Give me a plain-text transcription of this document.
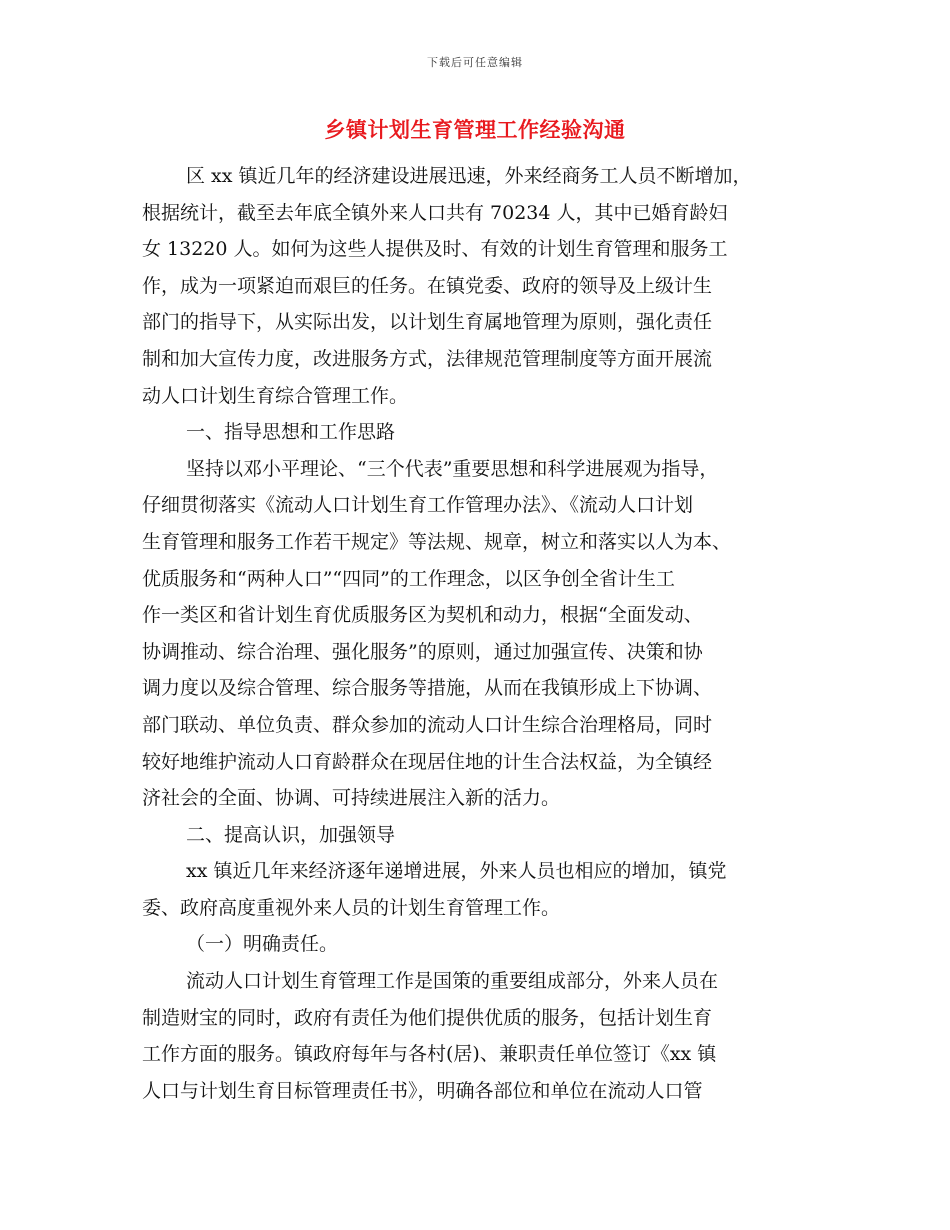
下载后可任意编辑
乡镇计划生育管理工作经验沟通
区 xx 镇近几年的经济建设进展迅速，外来经商务工人员不断增加，
根据统计，截至去年底全镇外来人口共有 70234 人，其中已婚育龄妇
女 13220 人。如何为这些人提供及时、有效的计划生育管理和服务工
作，成为一项紧迫而艰巨的任务。在镇党委、政府的领导及上级计生
部门的指导下，从实际出发，以计划生育属地管理为原则，强化责任
制和加大宣传力度，改进服务方式，法律规范管理制度等方面开展流
动人口计划生育综合管理工作。
一、指导思想和工作思路
坚持以邓小平理论、“三个代表”重要思想和科学进展观为指导，
仔细贯彻落实《流动人口计划生育工作管理办法》、《流动人口计划
生育管理和服务工作若干规定》等法规、规章，树立和落实以人为本、
优质服务和“两种人口”“四同”的工作理念，以区争创全省计生工
作一类区和省计划生育优质服务区为契机和动力，根据“全面发动、
协调推动、综合治理、强化服务”的原则，通过加强宣传、决策和协
调力度以及综合管理、综合服务等措施，从而在我镇形成上下协调、
部门联动、单位负责、群众参加的流动人口计生综合治理格局，同时
较好地维护流动人口育龄群众在现居住地的计生合法权益，为全镇经
济社会的全面、协调、可持续进展注入新的活力。
二、提高认识，加强领导
xx 镇近几年来经济逐年递增进展，外来人员也相应的增加，镇党
委、政府高度重视外来人员的计划生育管理工作。
（一）明确责任。
流动人口计划生育管理工作是国策的重要组成部分，外来人员在
制造财宝的同时，政府有责任为他们提供优质的服务，包括计划生育
工作方面的服务。镇政府每年与各村(居)、兼职责任单位签订《xx 镇
人口与计划生育目标管理责任书》，明确各部位和单位在流动人口管
